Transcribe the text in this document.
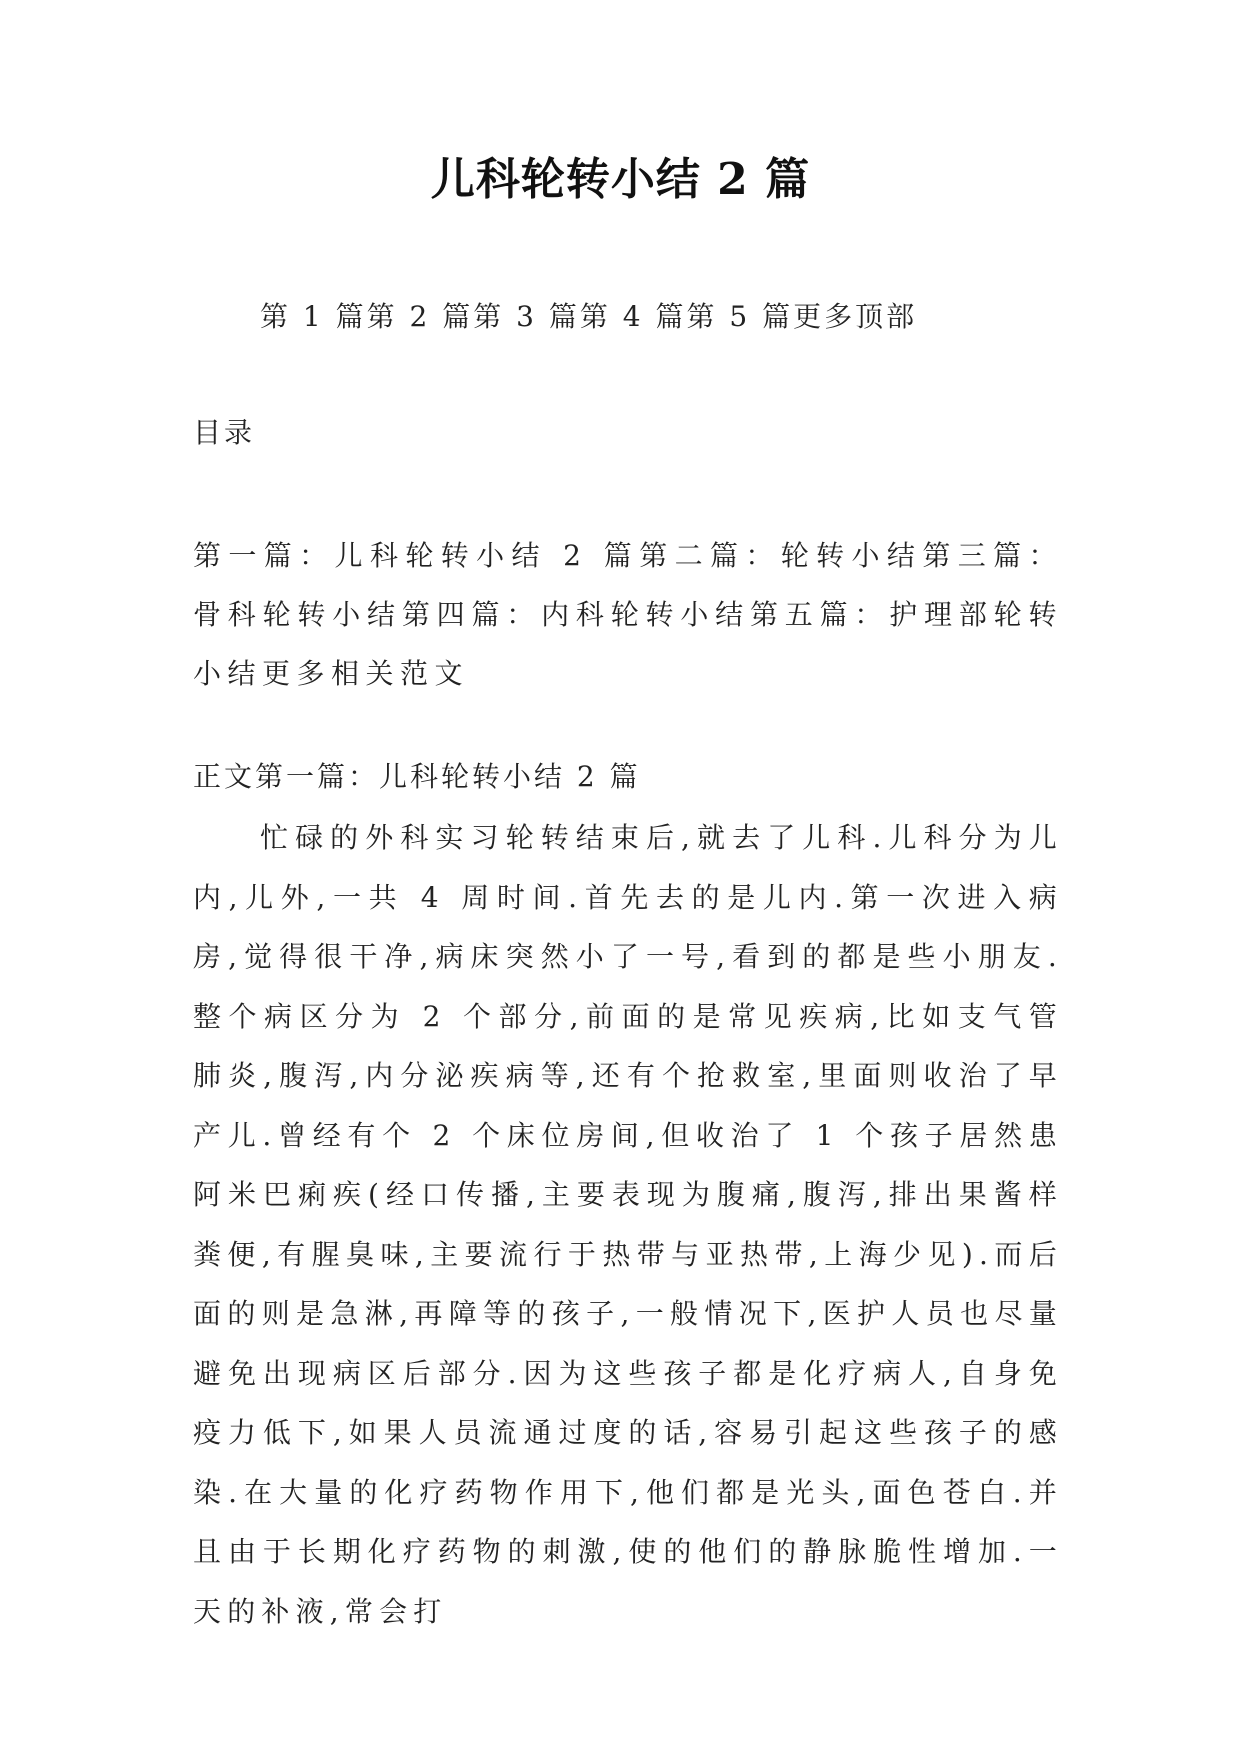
儿科轮转小结 2 篇
第 1 篇第 2 篇第 3 篇第 4 篇第 5 篇更多顶部
目录
第一篇：儿科轮转小结 2 篇第二篇：轮转小结第三篇：骨科轮转小结第四篇：内科轮转小结第五篇：护理部轮转小结更多相关范文
正文第一篇：儿科轮转小结 2 篇

忙碌的外科实习轮转结束后,就去了儿科.儿科分为儿内,儿外,一共 4 周时间.首先去的是儿内.第一次进入病房,觉得很干净,病床突然小了一号,看到的都是些小朋友.整个病区分为 2 个部分,前面的是常见疾病,比如支气管肺炎,腹泻,内分泌疾病等,还有个抢救室,里面则收治了早产儿.曾经有个 2 个床位房间,但收治了 1 个孩子居然患阿米巴痢疾(经口传播,主要表现为腹痛,腹泻,排出果酱样粪便,有腥臭味,主要流行于热带与亚热带,上海少见).而后面的则是急淋,再障等的孩子,一般情况下,医护人员也尽量避免出现病区后部分.因为这些孩子都是化疗病人,自身免疫力低下,如果人员流通过度的话,容易引起这些孩子的感染.在大量的化疗药物作用下,他们都是光头,面色苍白.并且由于长期化疗药物的刺激,使的他们的静脉脆性增加.一天的补液,常会打
